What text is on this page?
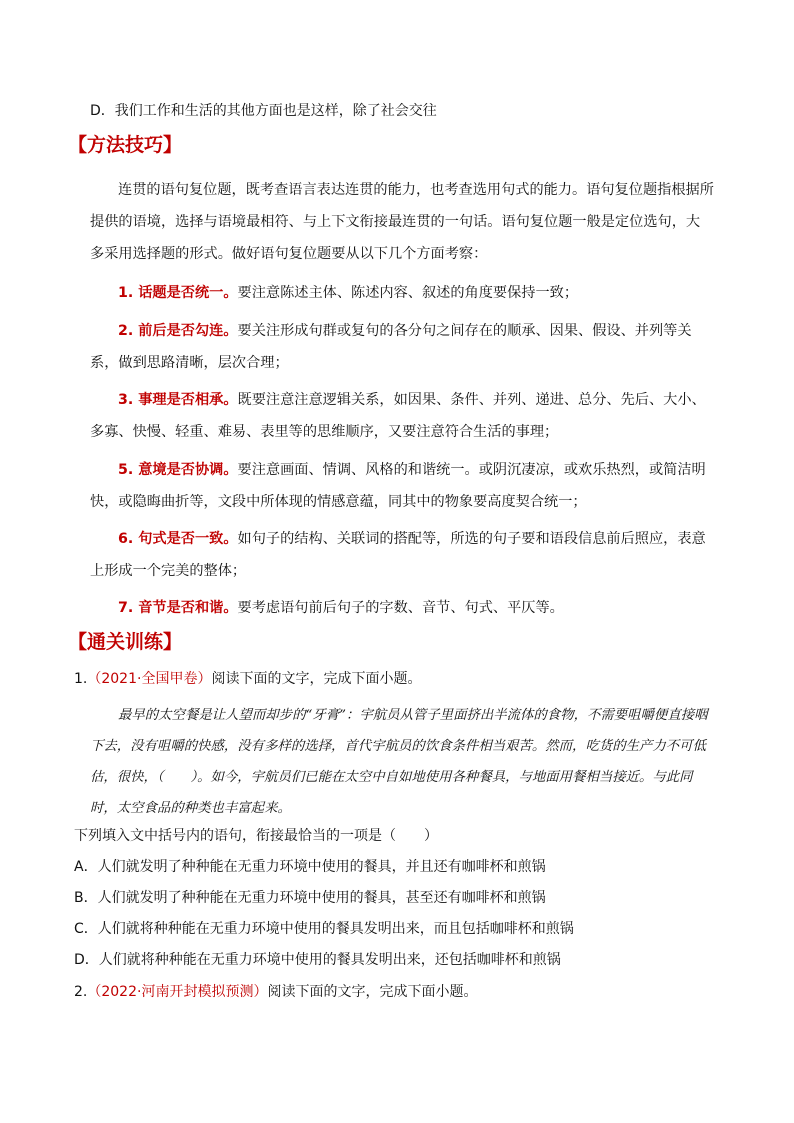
D．我们工作和生活的其他方面也是这样，除了社会交往
【方法技巧】
连贯的语句复位题，既考查语言表达连贯的能力，也考查选用句式的能力。语句复位题指根据所提供的语境，选择与语境最相符、与上下文衔接最连贯的一句话。语句复位题一般是定位选句，大多采用选择题的形式。做好语句复位题要从以下几个方面考察：
1. 话题是否统一。要注意陈述主体、陈述内容、叙述的角度要保持一致；
2. 前后是否勾连。要关注形成句群或复句的各分句之间存在的顺承、因果、假设、并列等关系，做到思路清晰，层次合理；
3. 事理是否相承。既要注意注意逻辑关系，如因果、条件、并列、递进、总分、先后、大小、多寡、快慢、轻重、难易、表里等的思维顺序，又要注意符合生活的事理；
5. 意境是否协调。要注意画面、情调、风格的和谐统一。或阴沉凄凉，或欢乐热烈，或简洁明快，或隐晦曲折等，文段中所体现的情感意蕴，同其中的物象要高度契合统一；
6. 句式是否一致。如句子的结构、关联词的搭配等，所选的句子要和语段信息前后照应，表意上形成一个完美的整体；
7. 音节是否和谐。要考虑语句前后句子的字数、音节、句式、平仄等。
【通关训练】
1.（2021·全国甲卷）阅读下面的文字，完成下面小题。
最早的太空餐是让人望而却步的“牙膏”：宇航员从管子里面挤出半流体的食物，不需要咀嚼便直接咽下去，没有咀嚼的快感，没有多样的选择，首代宇航员的饮食条件相当艰苦。然而，吃货的生产力不可低估，很快，（　　）。如今，宇航员们已能在太空中自如地使用各种餐具，与地面用餐相当接近。与此同时，太空食品的种类也丰富起来。
下列填入文中括号内的语句，衔接最恰当的一项是（　　）
A．人们就发明了种种能在无重力环境中使用的餐具，并且还有咖啡杯和煎锅
B．人们就发明了种种能在无重力环境中使用的餐具，甚至还有咖啡杯和煎锅
C．人们就将种种能在无重力环境中使用的餐具发明出来，而且包括咖啡杯和煎锅
D．人们就将种种能在无重力环境中使用的餐具发明出来，还包括咖啡杯和煎锅
2.（2022·河南开封模拟预测）阅读下面的文字，完成下面小题。
